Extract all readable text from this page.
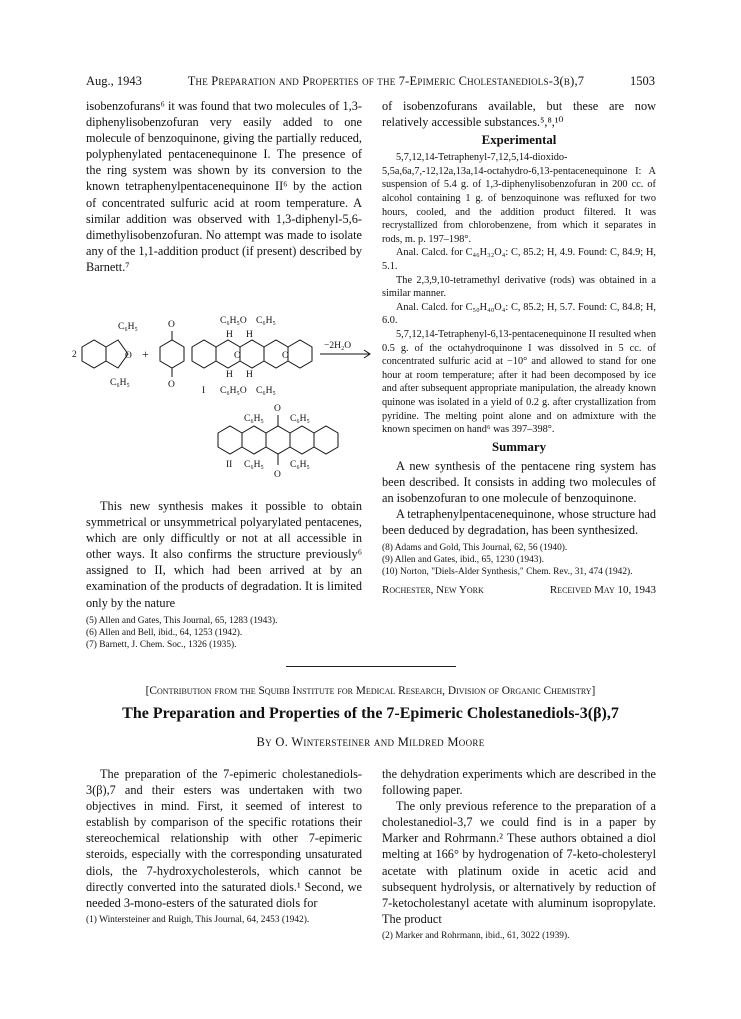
Aug., 1943	The Preparation and Properties of the 7-Epimeric Cholestanediols-3(β),7	1503

isobenzofurans⁶ it was found that two molecules of 1,3-diphenylisobenzofuran very easily added to one molecule of benzoquinone, giving the partially reduced, polyphenylated pentacenequinone I. The presence of the ring system was shown by its conversion to the known tetraphenylpentacenequinone II⁶ by the action of concentrated sulfuric acid at room temperature. A similar addition was observed with 1,3-diphenyl-5,6-dimethylisobenzofuran. No attempt was made to isolate any of the 1,1-addition product (if present) described by Barnett.⁷

2
C₆H₅
C₆H₅
O +
O
O
C₆H₅O C₆H₅
H H
H H
C₆H₅O C₆H₅
I
O	O
−2H₂O
O
O
C₆H₅	C₆H₅
C₆H₅	C₆H₅
II

This new synthesis makes it possible to obtain symmetrical or unsymmetrical polyarylated pentacenes, which are only difficultly or not at all accessible in other ways. It also confirms the structure previously⁶ assigned to II, which had been arrived at by an examination of the products of degradation. It is limited only by the nature

(5) Allen and Gates, This Journal, 65, 1283 (1943).

(6) Allen and Bell, ibid., 64, 1253 (1942).

(7) Barnett, J. Chem. Soc., 1326 (1935).

of isobenzofurans available, but these are now relatively accessible substances.⁵,⁸,¹⁰

Experimental

5,7,12,14-Tetraphenyl-7,12,5,14-dioxido-5,5a,6a,7,-12,12a,13a,14-octahydro-6,13-pentacenequinone I: A suspension of 5.4 g. of 1,3-diphenylisobenzofuran in 200 cc. of alcohol containing 1 g. of benzoquinone was refluxed for two hours, cooled, and the addition product filtered. It was recrystallized from chlorobenzene, from which it separates in rods, m. p. 197–198°.

Anal. Calcd. for C₄₆H₃₂O₄: C, 85.2; H, 4.9. Found: C, 84.9; H, 5.1.

The 2,3,9,10-tetramethyl derivative (rods) was obtained in a similar manner.

Anal. Calcd. for C₅₀H₄₀O₄: C, 85.2; H, 5.7. Found: C, 84.8; H, 6.0.

5,7,12,14-Tetraphenyl-6,13-pentacenequinone II resulted when 0.5 g. of the octahydroquinone I was dissolved in 5 cc. of concentrated sulfuric acid at −10° and allowed to stand for one hour at room temperature; after it had been decomposed by ice and after subsequent appropriate manipulation, the already known quinone was isolated in a yield of 0.2 g. after crystallization from pyridine. The melting point alone and on admixture with the known specimen on hand⁶ was 397–398°.

Summary

A new synthesis of the pentacene ring system has been described. It consists in adding two molecules of an isobenzofuran to one molecule of benzoquinone.

A tetraphenylpentacenequinone, whose structure had been deduced by degradation, has been synthesized.

(8) Adams and Gold, This Journal, 62, 56 (1940).

(9) Allen and Gates, ibid., 65, 1230 (1943).

(10) Norton, "Diels-Alder Synthesis," Chem. Rev., 31, 474 (1942).

Rochester, New York	Received May 10, 1943
[Contribution from the Squibb Institute for Medical Research, Division of Organic Chemistry]
The Preparation and Properties of the 7-Epimeric Cholestanediols-3(β),7
By O. Wintersteiner and Mildred Moore

The preparation of the 7-epimeric cholestanediols-3(β),7 and their esters was undertaken with two objectives in mind. First, it seemed of interest to establish by comparison of the specific rotations their stereochemical relationship with other 7-epimeric steroids, especially with the corresponding unsaturated diols, the 7-hydroxycholesterols, which cannot be directly converted into the saturated diols.¹ Second, we needed 3-mono-esters of the saturated diols for

(1) Wintersteiner and Ruigh, This Journal, 64, 2453 (1942).

the dehydration experiments which are described in the following paper.

The only previous reference to the preparation of a cholestanediol-3,7 we could find is in a paper by Marker and Rohrmann.² These authors obtained a diol melting at 166° by hydrogenation of 7-keto-cholesteryl acetate with platinum oxide in acetic acid and subsequent hydrolysis, or alternatively by reduction of 7-ketocholestanyl acetate with aluminum isopropylate. The product

(2) Marker and Rohrmann, ibid., 61, 3022 (1939).
